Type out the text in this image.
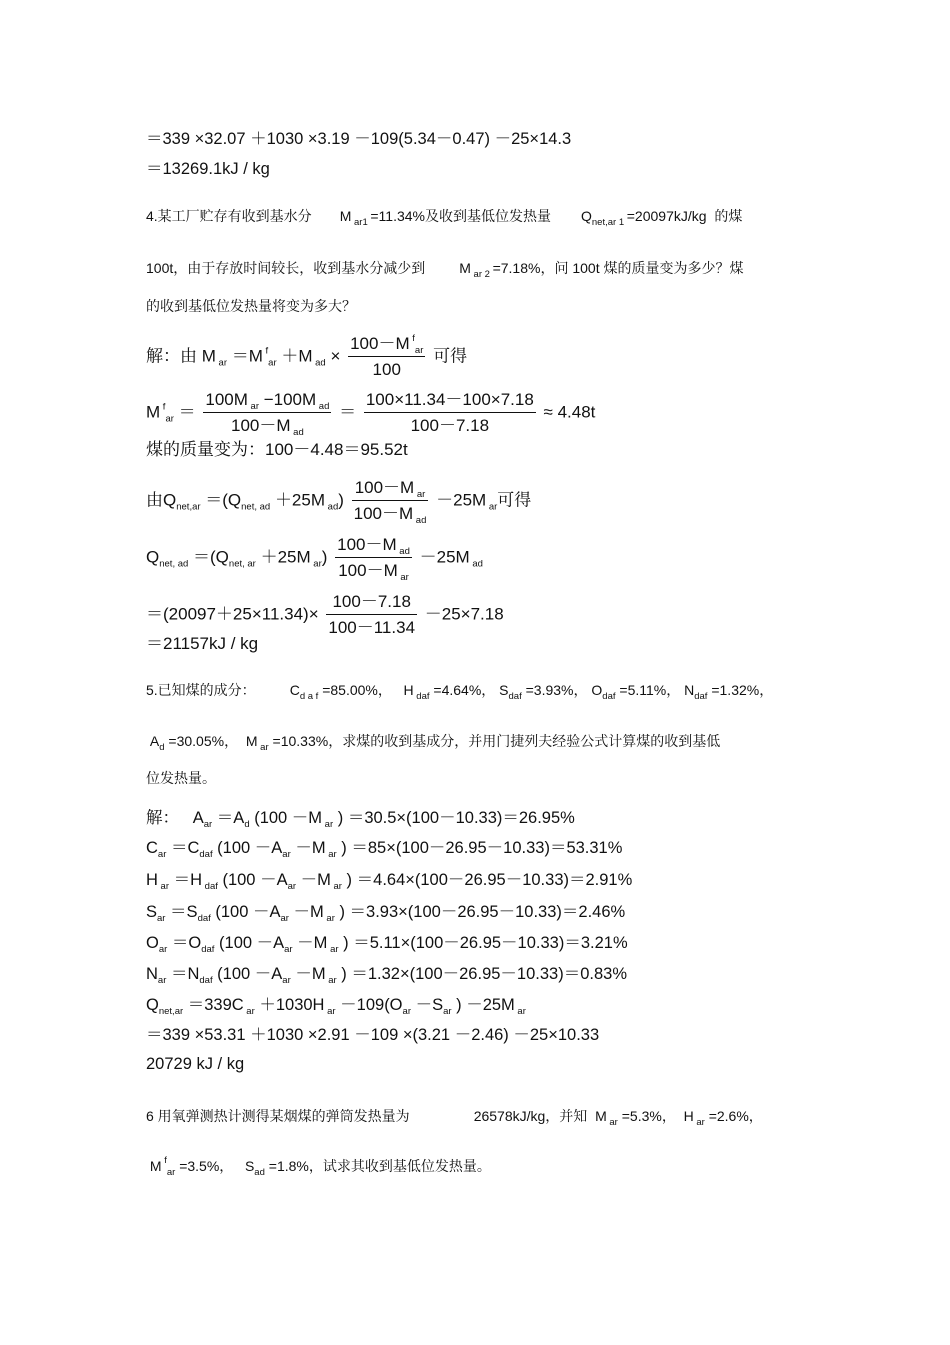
＝339 ×32.07 ＋1030 ×3.19 －109(5.34－0.47) －25×14.3
＝13269.1kJ / kg
4.某工厂贮存有收到基水分 M $_{ar1}$ =11.34%及收到基低位发热量 $Q_{net,ar 1} =20097kJ/kg$ 的煤
100t，由于存放时间较长，收到基水分减少到 M $_{ar 2}$ =7.18%，问 100t 煤的质量变为多少？煤
的收到基低位发热量将变为多大？
解：由 M $_{ar}$ ＝M $^f_{ar}$ ＋M $_{ad} \times \frac{100-M ^f_{ar}}{100}$ 可得
M $^f_{ar} = \frac{100M _{ar} -100M _{ad}}{100-M _{ad}} = \frac{100\times 11.34-100\times 7.18}{100-7.18} \approx 4.48t$
煤的质量变为：100－4.48＝95.52t
由$Q_{net,ar} =(Q_{net, ad} +25M$ $_{ad}) \frac{100-M _{ar}}{100-M _{ad}} -25M$ $_{ar}$可得
$Q_{net, ad} =(Q_{net, ar} +25M$ $_{ar}) \frac{100-M _{ad}}{100-M _{ar}} -25M$ $_{ad}$
$=(20097+25\times 11.34)\times \frac{100-7.18}{100-11.34} -25\times 7.18$
＝21157kJ / kg
5.已知煤的成分： $C_{d a f} =85.00\%$，   H $_{daf}$ =4.64%， $S_{daf} =3.93\%$， $O_{daf} =5.11\%$， $N_{daf} =1.32\%$，
$A_d =30.05\%$，  M $_{ar}$ =10.33%，求煤的收到基成分，并用门捷列夫经验公式计算煤的收到基低
位发热量。
解：   $A_{ar} =A_d$ (100 －M $_{ar}$ ) ＝30.5×(100－10.33)＝26.95%
$C_{ar} =C_{daf}$ ($100 -A_{ar} -M$ $_{ar}$ ) ＝85×(100－26.95－10.33)＝53.31%
H $_{ar}$ ＝H $_{daf}$ ($100 -A_{ar} -M$ $_{ar}$ ) ＝4.64×(100－26.95－10.33)＝2.91%
$S_{ar} =S_{daf}$ ($100 -A_{ar} -M$ $_{ar}$ ) ＝3.93×(100－26.95－10.33)＝2.46%
$O_{ar} =O_{daf}$ ($100 -A_{ar} -M$ $_{ar}$ ) ＝5.11×(100－26.95－10.33)＝3.21%
$N_{ar} =N_{daf}$ ($100 -A_{ar} -M$ $_{ar}$ ) ＝1.32×(100－26.95－10.33)＝0.83%
$Q_{net,ar} =339C$ $_{ar}$ ＋1030H $_{ar} -109(O_{ar} -S_{ar}$ ) －25M $_{ar}$
＝339 ×53.31 ＋1030 ×2.91 －109 ×(3.21 －2.46) －25×10.33
20729 kJ / kg
6 用氧弹测热计测得某烟煤的弹筒发热量为	26578kJ/kg，并知  M $_{ar}$ =5.3%，  H $_{ar}$ =2.6%，
M $^f_{ar}$ =3.5%，   $S_{ad} =1.8\%$，试求其收到基低位发热量。
